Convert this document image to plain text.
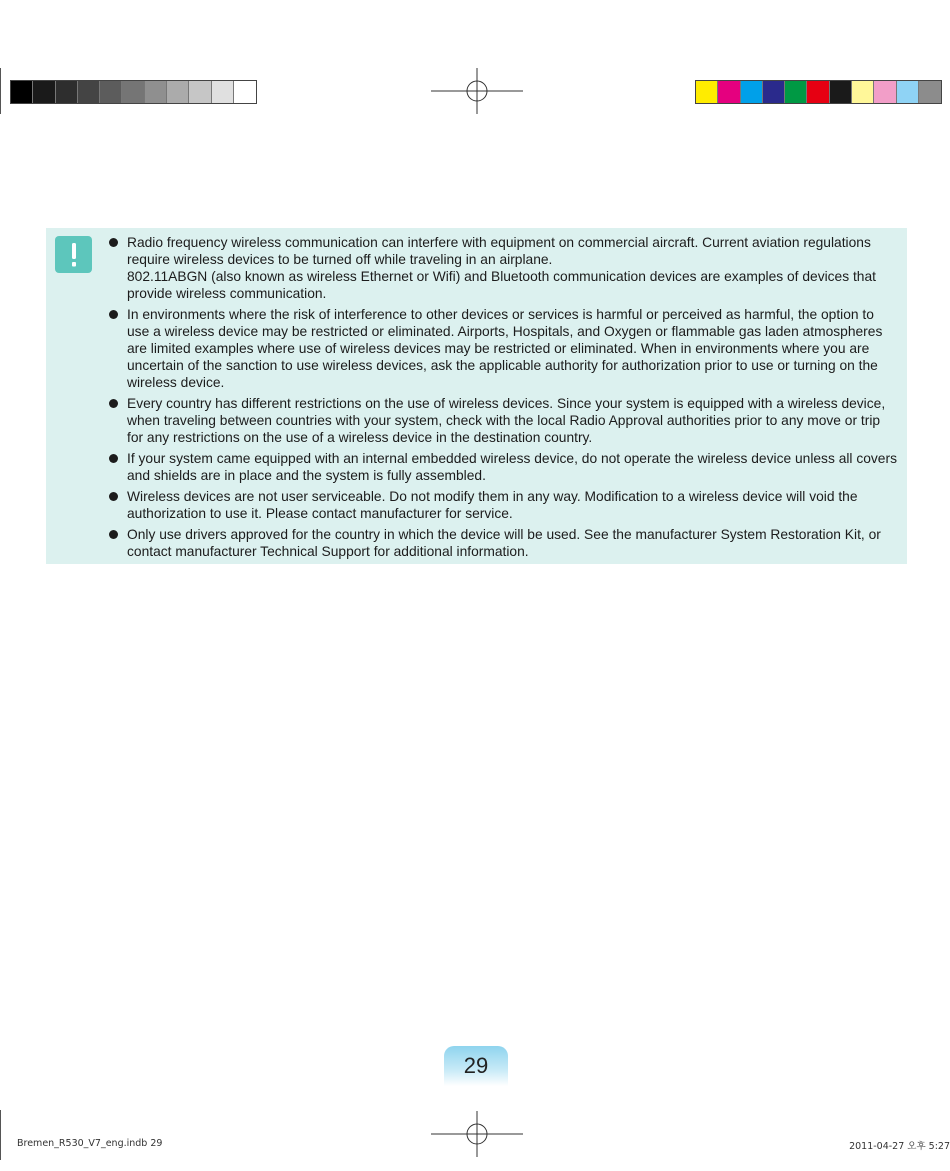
Radio frequency wireless communication can interfere with equipment on commercial aircraft. Current aviation regulations
require wireless devices to be turned off while traveling in an airplane.
802.11ABGN (also known as wireless Ethernet or Wifi) and Bluetooth communication devices are examples of devices that
provide wireless communication.
In environments where the risk of interference to other devices or services is harmful or perceived as harmful, the option to
use a wireless device may be restricted or eliminated. Airports, Hospitals, and Oxygen or flammable gas laden atmospheres
are limited examples where use of wireless devices may be restricted or eliminated. When in environments where you are
uncertain of the sanction to use wireless devices, ask the applicable authority for authorization prior to use or turning on the
wireless device.
Every country has different restrictions on the use of wireless devices. Since your system is equipped with a wireless device,
when traveling between countries with your system, check with the local Radio Approval authorities prior to any move or trip
for any restrictions on the use of a wireless device in the destination country.
If your system came equipped with an internal embedded wireless device, do not operate the wireless device unless all covers
and shields are in place and the system is fully assembled.
Wireless devices are not user serviceable. Do not modify them in any way. Modification to a wireless device will void the
authorization to use it. Please contact manufacturer for service.
Only use drivers approved for the country in which the device will be used. See the manufacturer System Restoration Kit, or
contact manufacturer Technical Support for additional information.
29
Bremen_R530_V7_eng.indb 29	2011-04-27 오후 5:27
